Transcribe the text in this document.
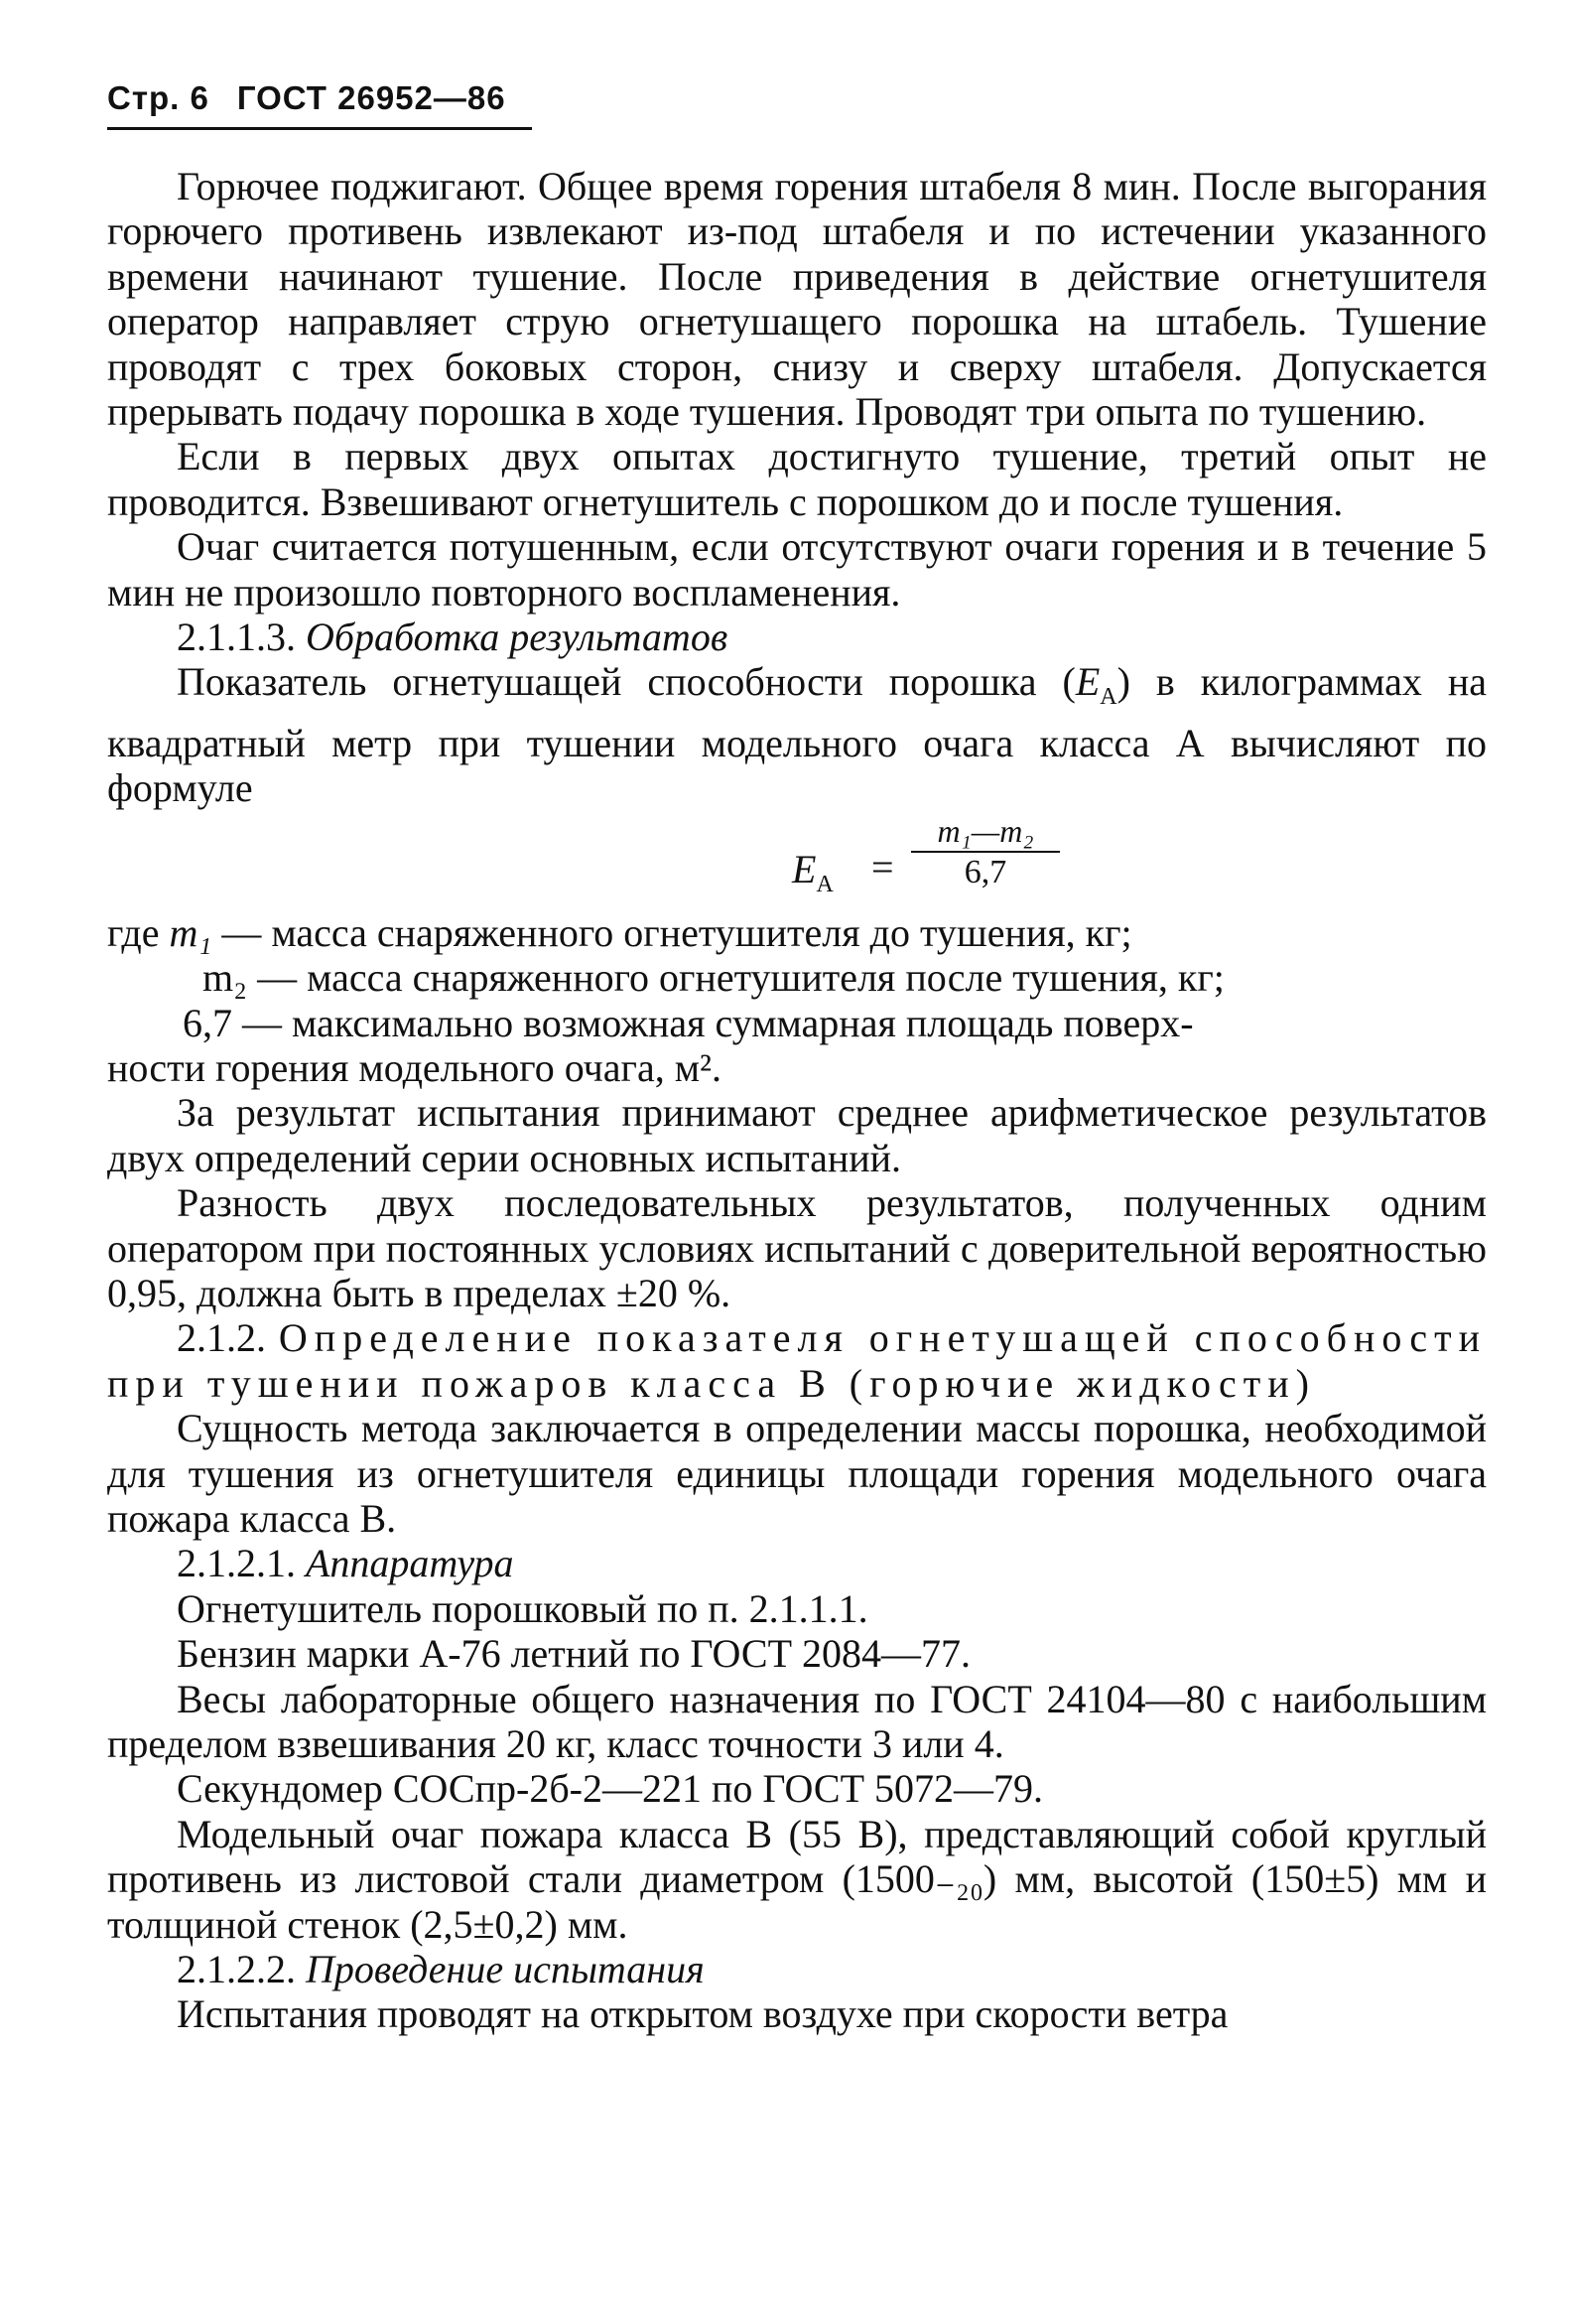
Стр. 6 ГОСТ 26952—86

Горючее поджигают. Общее время горения штабеля 8 мин. После выгорания горючего противень извлекают из-под штабеля и по истечении указанного времени начинают тушение. После приведения в действие огнетушителя оператор направляет струю огнетушащего порошка на штабель. Тушение проводят с трех боковых сторон, снизу и сверху штабеля. Допускается прерывать подачу порошка в ходе тушения. Проводят три опыта по тушению.

Если в первых двух опытах достигнуто тушение, третий опыт не проводится. Взвешивают огнетушитель с порошком до и после тушения.

Очаг считается потушенным, если отсутствуют очаги горения и в течение 5 мин не произошло повторного воспламенения.

2.1.1.3. Обработка результатов

Показатель огнетушащей способности порошка $(E_A)$ в килограммах на квадратный метр при тушении модельного очага класса А вычисляют по формуле

$E_A = \frac{\text{m₁—m₂}}{6,7}$

где m₁ — масса снаряженного огнетушителя до тушения, кг;

m₂ — масса снаряженного огнетушителя после тушения, кг;

6,7 — максимально возможная суммарная площадь поверх-

ности горения модельного очага, м².

За результат испытания принимают среднее арифметическое результатов двух определений серии основных испытаний.

Разность двух последовательных результатов, полученных одним оператором при постоянных условиях испытаний с доверительной вероятностью 0,95, должна быть в пределах ±20 %.

2.1.2. Определение показателя огнетушащей способности при тушении пожаров класса В (горючие жидкости)

Сущность метода заключается в определении массы порошка, необходимой для тушения из огнетушителя единицы площади горения модельного очага пожара класса В.

2.1.2.1. Аппаратура

Огнетушитель порошковый по п. 2.1.1.1.

Бензин марки А-76 летний по ГОСТ 2084—77.

Весы лабораторные общего назначения по ГОСТ 24104—80 с наибольшим пределом взвешивания 20 кг, класс точности 3 или 4.

Секундомер СОСпр-2б-2—221 по ГОСТ 5072—79.

Модельный очаг пожара класса В (55 В), представляющий собой круглый противень из листовой стали диаметром (1500₋₂₀) мм, высотой (150±5) мм и толщиной стенок (2,5±0,2) мм.

2.1.2.2. Проведение испытания

Испытания проводят на открытом воздухе при скорости ветра
